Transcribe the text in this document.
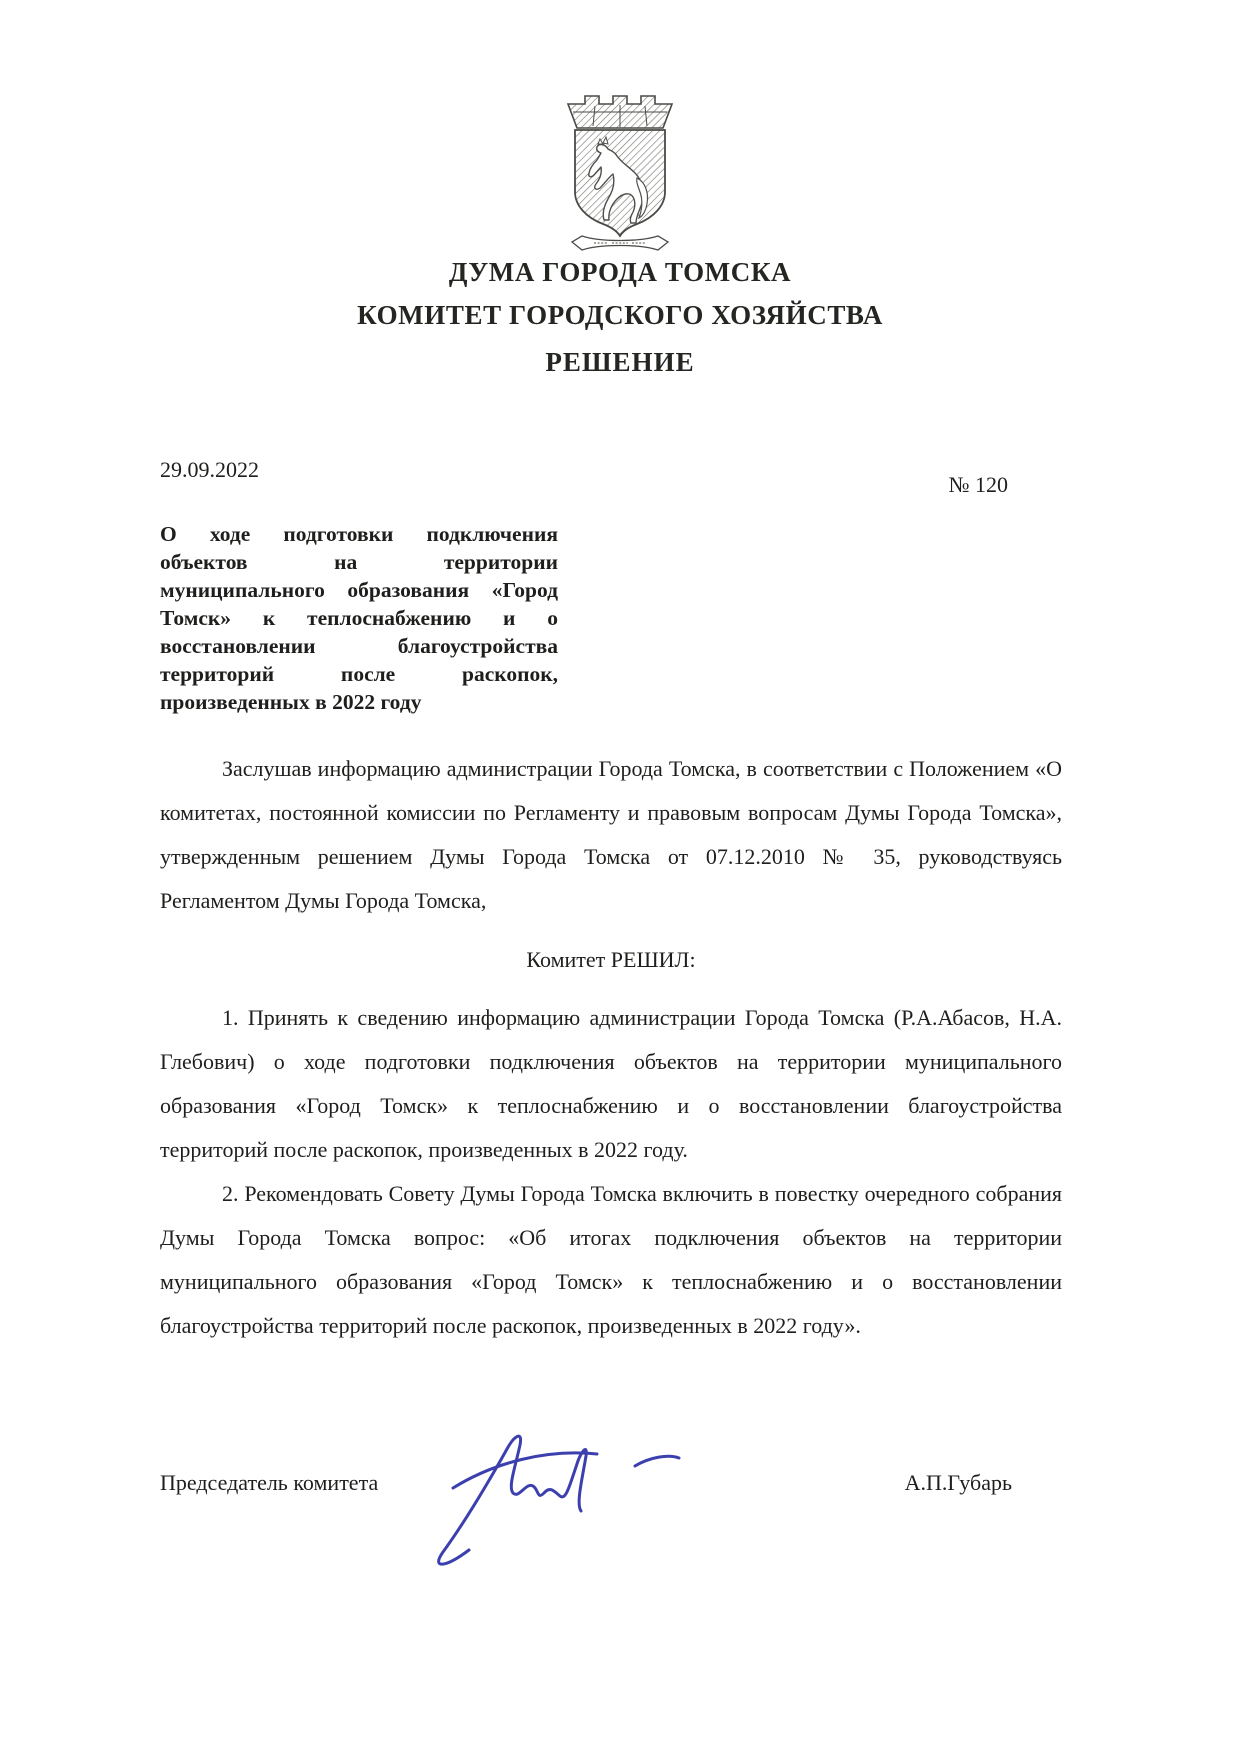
ДУМА ГОРОДА ТОМСКА
КОМИТЕТ ГОРОДСКОГО ХОЗЯЙСТВА
РЕШЕНИЕ
29.09.2022
№ 120
О ходе подготовки подключения объектов на территории муниципального образования «Город Томск» к теплоснабжению и о восстановлении благоустройства территорий после раскопок, произведенных в 2022 году

Заслушав информацию администрации Города Томска, в соответствии с Положением «О комитетах, постоянной комиссии по Регламенту и правовым вопросам Думы Города Томска», утвержденным решением Думы Города Томска от 07.12.2010 № 35, руководствуясь Регламентом Думы Города Томска,

Комитет РЕШИЛ:

1. Принять к сведению информацию администрации Города Томска (Р.А.Абасов, Н.А. Глебович) о ходе подготовки подключения объектов на территории муниципального образования «Город Томск» к теплоснабжению и о восстановлении благоустройства территорий после раскопок, произведенных в 2022 году.

2. Рекомендовать Совету Думы Города Томска включить в повестку очередного собрания Думы Города Томска вопрос: «Об итогах подключения объектов на территории муниципального образования «Город Томск» к теплоснабжению и о восстановлении благоустройства территорий после раскопок, произведенных в 2022 году».

Председатель комитета	А.П.Губарь
